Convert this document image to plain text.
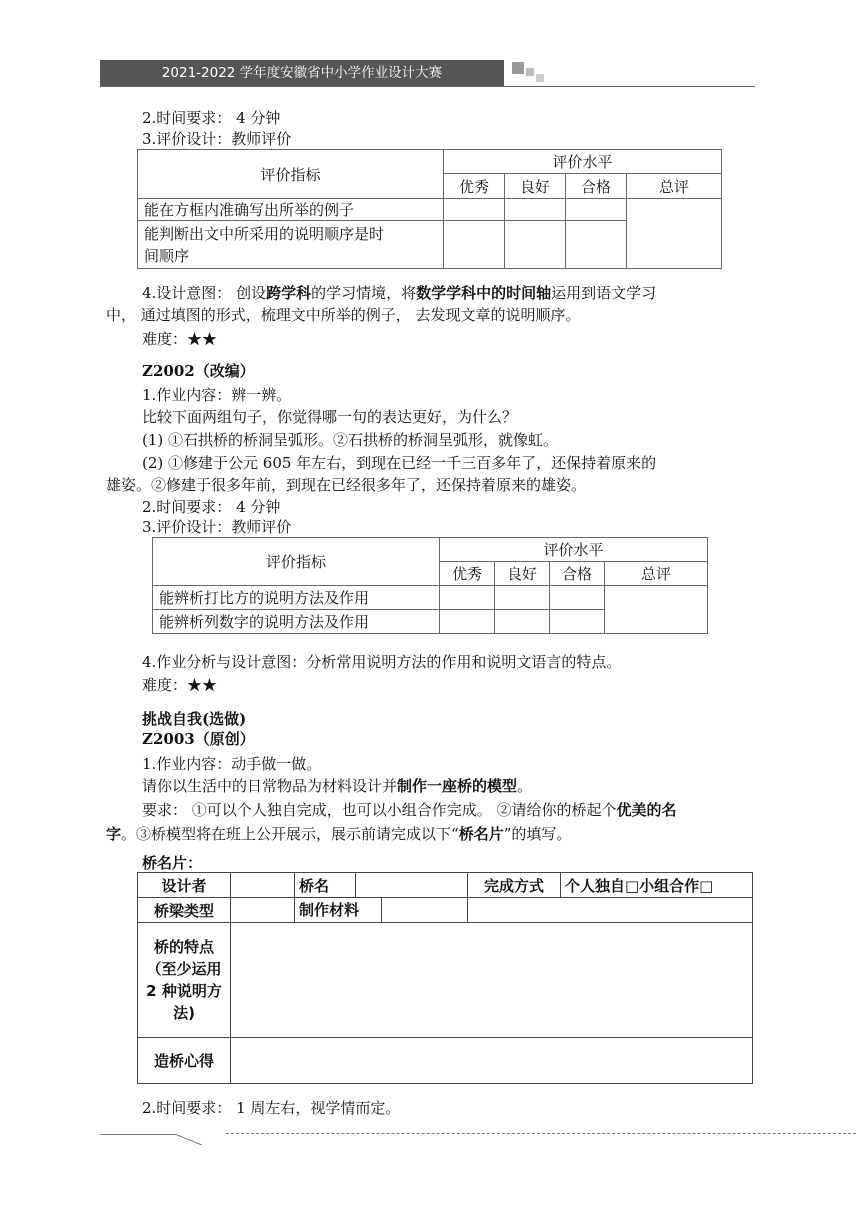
2021-2022 学年度安徽省中小学作业设计大赛
2.时间要求： 4 分钟
3.评价设计：教师评价
评价指标	评价水平			
	优秀	良好	合格	总评
能在方框内准确写出所举的例子				
能判断出文中所采用的说明顺序是时
间顺序				
4.设计意图： 创设跨学科的学习情境，将数学学科中的时间轴运用到语文学习
中， 通过填图的形式，梳理文中所举的例子， 去发现文章的说明顺序。
难度：★★
Z2002（改编）
1.作业内容：辨一辨。
比较下面两组句子，你觉得哪一句的表达更好，为什么？
(1) ①石拱桥的桥洞呈弧形。②石拱桥的桥洞呈弧形，就像虹。
(2) ①修建于公元 605 年左右，到现在已经一千三百多年了，还保持着原来的
雄姿。②修建于很多年前，到现在已经很多年了，还保持着原来的雄姿。
2.时间要求： 4 分钟
3.评价设计：教师评价
评价指标	评价水平			
	优秀	良好	合格	总评
能辨析打比方的说明方法及作用				
能辨析列数字的说明方法及作用				
4.作业分析与设计意图：分析常用说明方法的作用和说明文语言的特点。
难度：★★
挑战自我(选做)
Z2003（原创）
1.作业内容：动手做一做。
请你以生活中的日常物品为材料设计并制作一座桥的模型。
要求： ①可以个人独自完成，也可以小组合作完成。 ②请给你的桥起个优美的名
字。③桥模型将在班上公开展示，展示前请完成以下“桥名片”的填写。
桥名片：
设计者		桥名		完成方式	个人独自□小组合作□
桥梁类型		制作材料			

桥的特点（至少运用 2 种说明方法)					
造桥心得					
2.时间要求： 1 周左右，视学情而定。
